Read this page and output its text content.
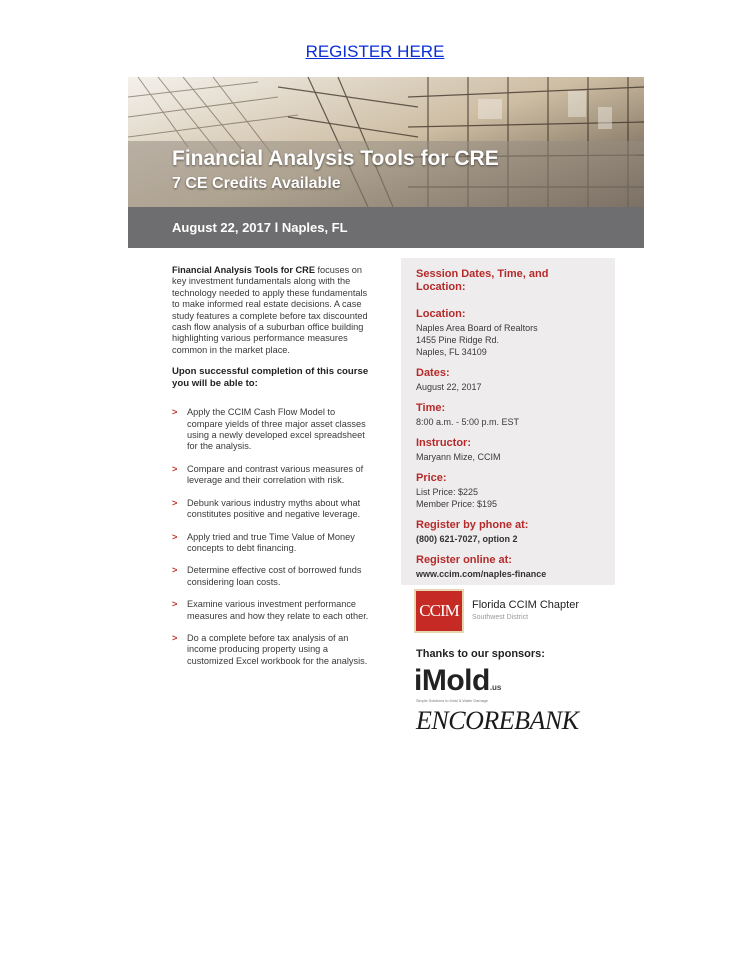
REGISTER HERE
Financial Analysis Tools for CRE
7 CE Credits Available
August 22, 2017 l Naples, FL

Financial Analysis Tools for CRE focuses on key investment fundamentals along with the technology needed to apply these fundamentals to make informed real estate decisions. A case study features a complete before tax discounted cash flow analysis of a suburban office building highlighting various performance measures common in the market place.

Upon successful completion of this course you will be able to:

> Apply the CCIM Cash Flow Model to compare yields of three major asset classes using a newly developed excel spreadsheet for the analysis.
> Compare and contrast various measures of leverage and their correlation with risk.
> Debunk various industry myths about what constitutes positive and negative leverage.
> Apply tried and true Time Value of Money concepts to debt financing.
> Determine effective cost of borrowed funds considering loan costs.
> Examine various investment performance measures and how they relate to each other.
> Do a complete before tax analysis of an income producing property using a customized Excel workbook for the analysis.
Session Dates, Time, and Location:
Location:
Naples Area Board of Realtors
1455 Pine Ridge Rd.
Naples, FL 34109
Dates:
August 22, 2017
Time:
8:00 a.m. - 5:00 p.m. EST
Instructor:
Maryann Mize, CCIM
Price:
List Price: $225
Member Price: $195
Register by phone at:
(800) 621-7027, option 2
Register online at:
www.ccim.com/naples-finance
CCIM	Florida CCIM Chapter
Southwest District
Thanks to our sponsors:
iMold.us
Simple Solutions to Mold & Water Damage
ENCOREBANK
